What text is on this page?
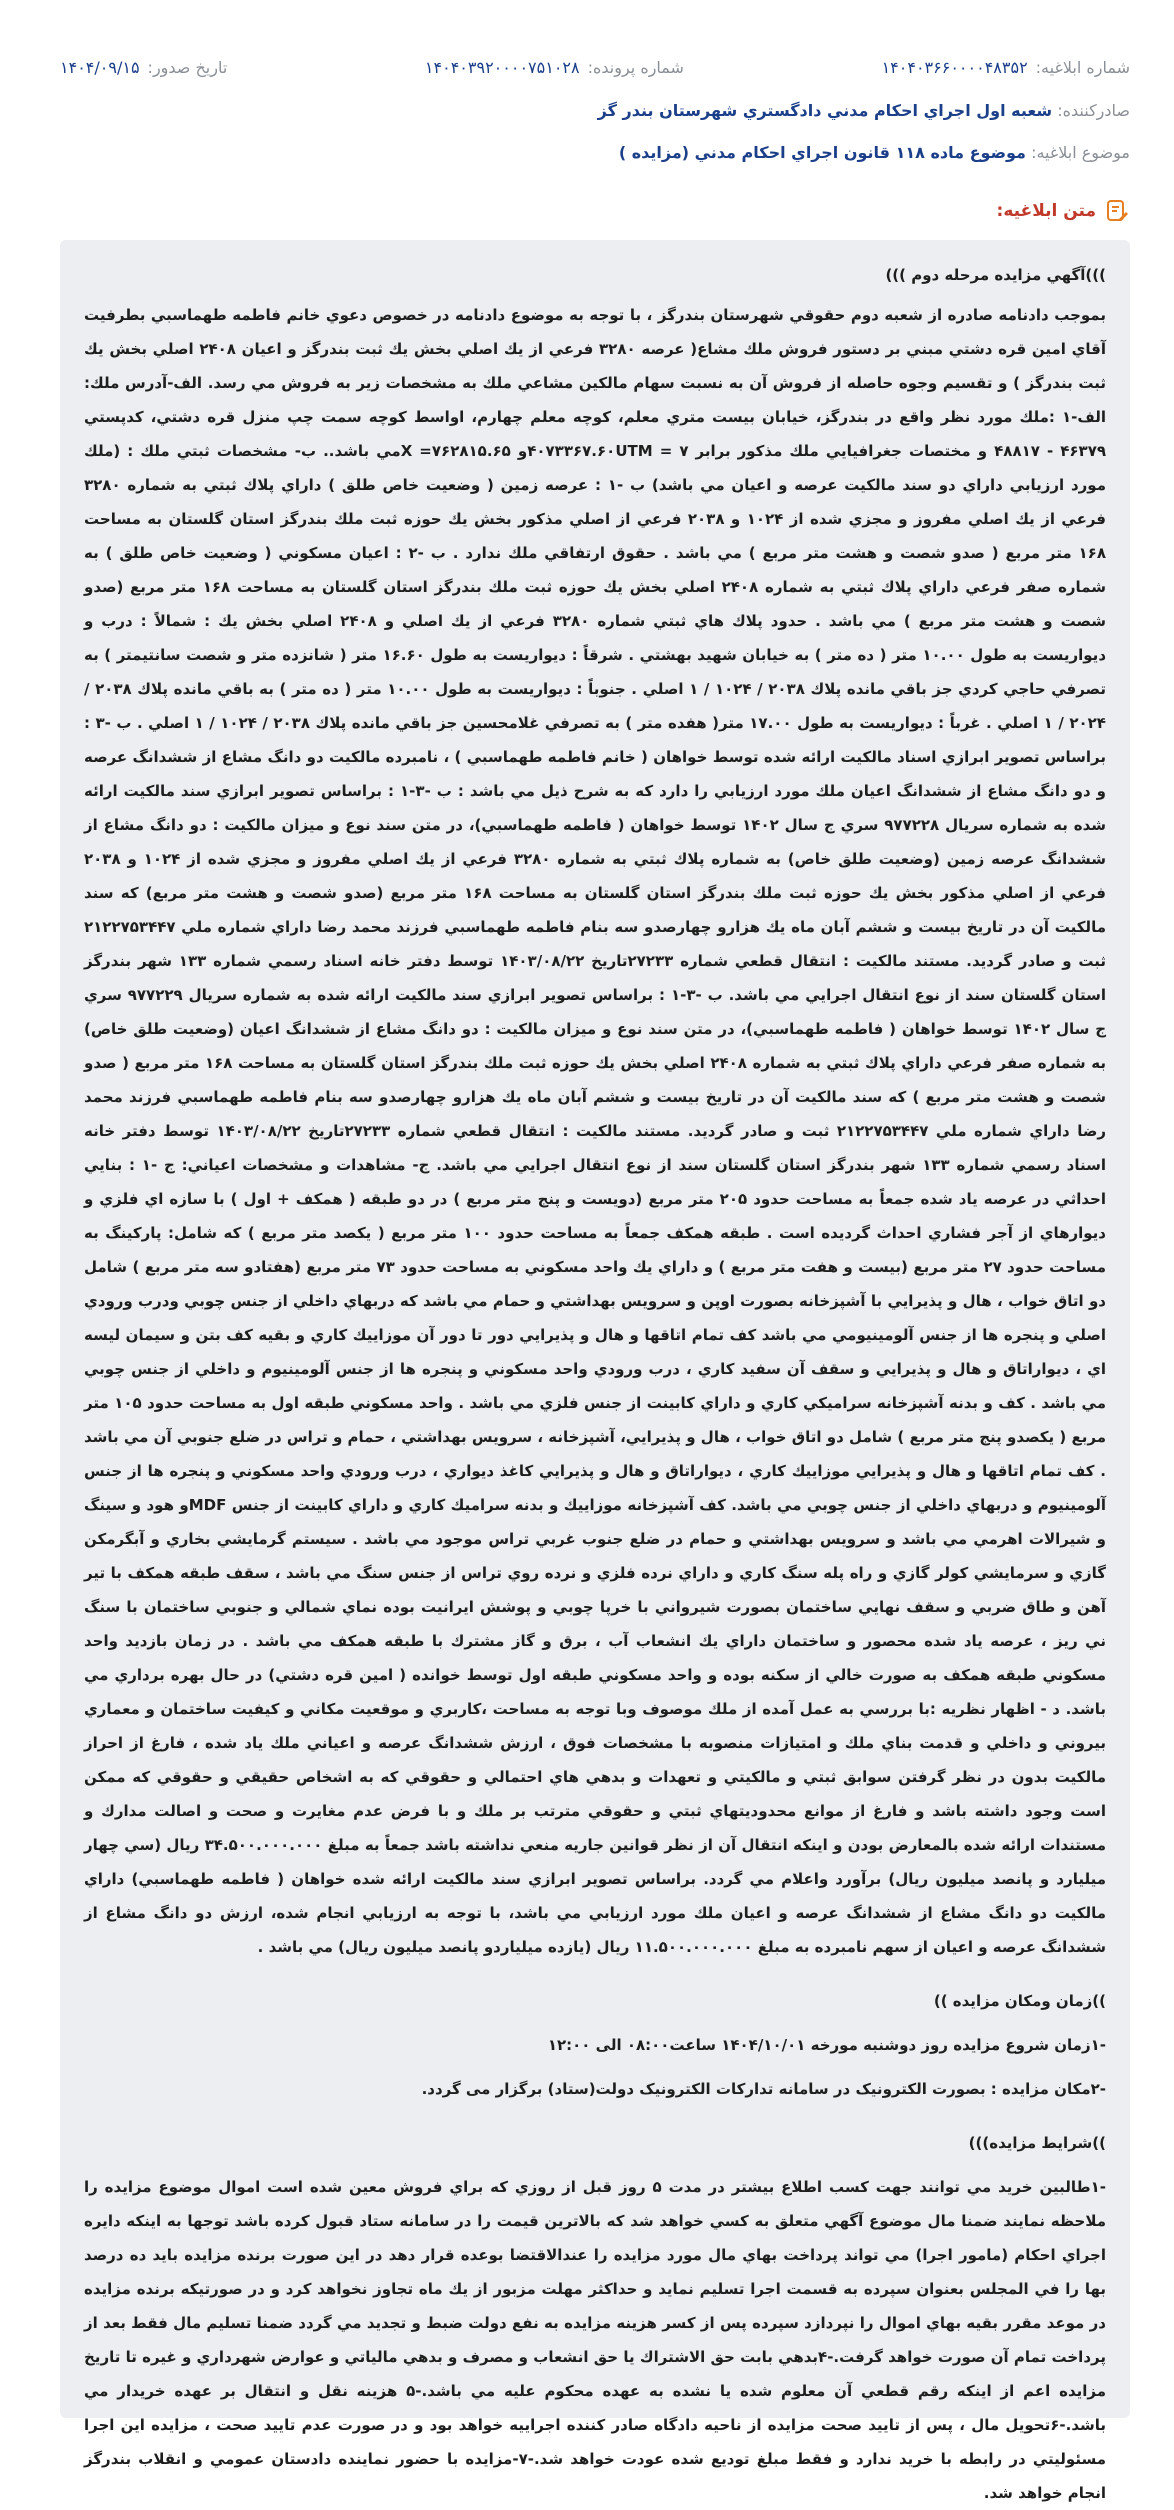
شماره ابلاغيه:
۱۴۰۴۰۳۶۶۰۰۰۰۴۸۳۵۲
شماره پرونده:
۱۴۰۴۰۳۹۲۰۰۰۰۷۵۱۰۲۸
تاريخ صدور:
۱۴۰۴/۰۹/۱۵
صادرکننده: شعبه اول اجراي احکام مدني دادگستري شهرستان بندر گز
موضوع ابلاغيه: موضوع ماده ۱۱۸ قانون اجراي احکام مدني (مزايده )
متن ابلاغيه:

)))آگهي مزايده مرحله دوم )))

بموجب دادنامه صادره از شعبه دوم حقوقي شهرستان بندرگز ، با توجه به موضوع دادنامه در خصوص دعوي خانم فاطمه طهماسبي بطرفيت آقاي امين قره دشتي مبني بر دستور فروش ملك مشاع( عرصه ۳۲۸۰ فرعي از يك اصلي بخش يك ثبت بندرگز و اعيان ۲۴۰۸ اصلي بخش يك ثبت بندرگز ) و تقسيم وجوه حاصله از فروش آن به نسبت سهام مالكين مشاعي ملك به مشخصات زير به فروش مي رسد. الف-آدرس ملك: الف-۱ :ملك مورد نظر واقع در بندرگز، خيابان بيست متري معلم، كوچه معلم چهارم، اواسط كوچه سمت چپ منزل قره دشتي، كدپستي ۴۶۳۷۹ - ۴۸۸۱۷ و مختصات جغرافيايي ملك مذكور برابر ۷ = ۴۰۷۳۳۶۷.۶۰UTMو ۷۶۲۸۱۵.۶۵= Xمي باشد.. ب- مشخصات ثبتي ملك : (ملك مورد ارزيابي داراي دو سند مالكيت عرصه و اعيان مي باشد) ب -۱ : عرصه زمين ( وضعيت خاص طلق ) داراي پلاك ثبتي به شماره ۳۲۸۰ فرعي از يك اصلي مفروز و مجزي شده از ۱۰۲۴ و ۲۰۳۸ فرعي از اصلي مذكور بخش يك حوزه ثبت ملك بندرگز استان گلستان به مساحت ۱۶۸ متر مربع ( صدو شصت و هشت متر مربع ) مي باشد . حقوق ارتفاقي ملك ندارد . ب -۲ : اعيان مسكوني ( وضعيت خاص طلق ) به شماره صفر فرعي داراي پلاك ثبتي به شماره ۲۴۰۸ اصلي بخش يك حوزه ثبت ملك بندرگز استان گلستان به مساحت ۱۶۸ متر مربع (صدو شصت و هشت متر مربع ) مي باشد . حدود پلاك هاي ثبتي شماره ۳۲۸۰ فرعي از يك اصلي و ۲۴۰۸ اصلي بخش يك : شمالاً : درب و ديواريست به طول ۱۰.۰۰ متر ( ده متر ) به خيابان شهيد بهشتي . شرقاً : ديواريست به طول ۱۶.۶۰ متر ( شانزده متر و شصت سانتيمتر ) به تصرفي حاجي كردي جز باقي مانده پلاك ۲۰۳۸ / ۱۰۲۴ / ۱ اصلي . جنوباً : ديواريست به طول ۱۰.۰۰ متر ( ده متر ) به باقي مانده پلاك ۲۰۳۸ / ۲۰۲۴ / ۱ اصلي . غرباً : ديواريست به طول ۱۷.۰۰ متر( هفده متر ) به تصرفي غلامحسين جز باقي مانده پلاك ۲۰۳۸ / ۱۰۲۴ / ۱ اصلي . ب -۳ : براساس تصوير ابرازي اسناد مالكيت ارائه شده توسط خواهان ( خانم فاطمه طهماسبي ) ، نامبرده مالكيت دو دانگ مشاع از ششدانگ عرصه و دو دانگ مشاع از ششدانگ اعيان ملك مورد ارزيابي را دارد كه به شرح ذيل مي باشد : ب -۳-۱ : براساس تصوير ابرازي سند مالكيت ارائه شده به شماره سريال ۹۷۷۲۲۸ سري ج سال ۱۴۰۲ توسط خواهان ( فاطمه طهماسبي)، در متن سند نوع و ميزان مالكيت : دو دانگ مشاع از ششدانگ عرصه زمين (وضعيت طلق خاص) به شماره پلاك ثبتي به شماره ۳۲۸۰ فرعي از يك اصلي مفروز و مجزي شده از ۱۰۲۴ و ۲۰۳۸ فرعي از اصلي مذكور بخش يك حوزه ثبت ملك بندرگز استان گلستان به مساحت ۱۶۸ متر مربع (صدو شصت و هشت متر مربع) كه سند مالكيت آن در تاريخ بيست و ششم آبان ماه يك هزارو چهارصدو سه بنام فاطمه طهماسبي فرزند محمد رضا داراي شماره ملي ۲۱۲۲۷۵۳۴۴۷ ثبت و صادر گرديد. مستند مالكيت : انتقال قطعي شماره ۲۷۲۳۳تاريخ ۱۴۰۳/۰۸/۲۲ توسط دفتر خانه اسناد رسمي شماره ۱۳۳ شهر بندرگز استان گلستان سند از نوع انتقال اجرايي مي باشد. ب -۳-۱ : براساس تصوير ابرازي سند مالكيت ارائه شده به شماره سريال ۹۷۷۲۲۹ سري ج سال ۱۴۰۲ توسط خواهان ( فاطمه طهماسبي)، در متن سند نوع و ميزان مالكيت : دو دانگ مشاع از ششدانگ اعيان (وضعيت طلق خاص) به شماره صفر فرعي داراي پلاك ثبتي به شماره ۲۴۰۸ اصلي بخش يك حوزه ثبت ملك بندرگز استان گلستان به مساحت ۱۶۸ متر مربع ( صدو شصت و هشت متر مربع ) كه سند مالكيت آن در تاريخ بيست و ششم آبان ماه يك هزارو چهارصدو سه بنام فاطمه طهماسبي فرزند محمد رضا داراي شماره ملي ۲۱۲۲۷۵۳۴۴۷ ثبت و صادر گرديد. مستند مالكيت : انتقال قطعي شماره ۲۷۲۳۳تاريخ ۱۴۰۳/۰۸/۲۲ توسط دفتر خانه اسناد رسمي شماره ۱۳۳ شهر بندرگز استان گلستان سند از نوع انتقال اجرايي مي باشد. ج- مشاهدات و مشخصات اعياني: ج -۱ : بنايي احداثي در عرصه ياد شده جمعاً به مساحت حدود ۲۰۵ متر مربع (دويست و پنج متر مربع ) در دو طبقه ( همكف + اول ) با سازه اي فلزي و ديوارهاي از آجر فشاري احداث گرديده است . طبقه همكف جمعاً به مساحت حدود ۱۰۰ متر مربع ( يكصد متر مربع ) كه شامل: پاركينگ به مساحت حدود ۲۷ متر مربع (بيست و هفت متر مربع ) و داراي يك واحد مسكوني به مساحت حدود ۷۳ متر مربع (هفتادو سه متر مربع ) شامل دو اتاق خواب ، هال و پذيرايي با آشپزخانه بصورت اوپن و سرويس بهداشتي و حمام مي باشد كه دربهاي داخلي از جنس چوبي ودرب ورودي اصلي و پنجره ها از جنس آلومينيومي مي باشد كف تمام اتاقها و هال و پذيرايي دور تا دور آن موزاييك كاري و بقيه كف بتن و سيمان ليسه اي ، ديواراتاق و هال و پذيرايي و سقف آن سفيد كاري ، درب ورودي واحد مسكوني و پنجره ها از جنس آلومينيوم و داخلي از جنس چوبي مي باشد . كف و بدنه آشپزخانه سراميكي كاري و داراي كابينت از جنس فلزي مي باشد . واحد مسكوني طبقه اول به مساحت حدود ۱۰۵ متر مربع ( يكصدو پنج متر مربع ) شامل دو اتاق خواب ، هال و پذيرايي، آشپزخانه ، سرويس بهداشتي ، حمام و تراس در ضلع جنوبي آن مي باشد . كف تمام اتاقها و هال و پذيرايي موزاييك كاري ، ديواراتاق و هال و پذيرايي كاغذ ديواري ، درب ورودي واحد مسكوني و پنجره ها از جنس آلومينيوم و دربهاي داخلي از جنس چوبي مي باشد. كف آشپزخانه موزاييك و بدنه سراميك كاري و داراي كابينت از جنس MDFو هود و سينگ و شيرالات اهرمي مي باشد و سرويس بهداشتي و حمام در ضلع جنوب غربي تراس موجود مي باشد . سيستم گرمايشي بخاري و آبگرمكن گازي و سرمايشي كولر گازي و راه پله سنگ كاري و داراي نرده فلزي و نرده روي تراس از جنس سنگ مي باشد ، سقف طبقه همكف با تير آهن و طاق ضربي و سقف نهايي ساختمان بصورت شيرواني با خرپا چوبي و پوشش ايرانيت بوده نماي شمالي و جنوبي ساختمان با سنگ ني ريز ، عرصه ياد شده محصور و ساختمان داراي يك انشعاب آب ، برق و گاز مشترك با طبقه همكف مي باشد . در زمان بازديد واحد مسكوني طبقه همكف به صورت خالي از سكنه بوده و واحد مسكوني طبقه اول توسط خوانده ( امين قره دشتي) در حال بهره برداري مي باشد. د - اظهار نظريه :با بررسي به عمل آمده از ملك موصوف وبا توجه به مساحت ،كاربري و موقعيت مكاني و كيفيت ساختمان و معماري بيروني و داخلي و قدمت بناي ملك و امتيازات منصوبه با مشخصات فوق ، ارزش ششدانگ عرصه و اعياني ملك ياد شده ، فارغ از احراز مالكيت بدون در نظر گرفتن سوابق ثبتي و مالكيتي و تعهدات و بدهي هاي احتمالي و حقوقي كه به اشخاص حقيقي و حقوقي كه ممكن است وجود داشته باشد و فارغ از موانع محدوديتهاي ثبتي و حقوقي مترتب بر ملك و با فرض عدم مغايرت و صحت و اصالت مدارك و مستندات ارائه شده بالمعارض بودن و اينكه انتقال آن از نظر قوانين جاريه منعي نداشته باشد جمعاً به مبلغ ۳۴.۵۰۰.۰۰۰.۰۰۰ ريال (سي چهار ميليارد و پانصد ميليون ريال) برآورد واعلام مي گردد. براساس تصوير ابرازي سند مالكيت ارائه شده خواهان ( فاطمه طهماسبي) داراي مالكيت دو دانگ مشاع از ششدانگ عرصه و اعيان ملك مورد ارزيابي مي باشد، با توجه به ارزيابي انجام شده، ارزش دو دانگ مشاع از ششدانگ عرصه و اعيان از سهم نامبرده به مبلغ ۱۱.۵۰۰.۰۰۰.۰۰۰ ريال (يازده ميلياردو پانصد ميليون ريال) مي باشد .

))زمان ومکان مزايده ))

-۱زمان شروع مزايده روز دوشنبه مورخه ۱۴۰۴/۱۰/۰۱ ساعت۰۸:۰۰ الی ۱۲:۰۰

-۲مکان مزايده : بصورت الکترونيک در سامانه تدارکات الکترونيک دولت(ستاد) برگزار می گردد.

))شرايط مزايده)))

-۱طالبين خريد مي توانند جهت كسب اطلاع بيشتر در مدت ۵ روز قبل از روزي كه براي فروش معين شده است اموال موضوع مزايده را ملاحظه نمايند ضمنا مال موضوع آگهي متعلق به كسي خواهد شد كه بالاترين قيمت را در سامانه ستاد قبول كرده باشد توجها به اينكه دايره اجراي احكام (مامور اجرا) مي تواند پرداخت بهاي مال مورد مزايده را عندالاقتضا بوعده قرار دهد در اين صورت برنده مزايده بايد ده درصد بها را في المجلس بعنوان سپرده به قسمت اجرا تسليم نمايد و حداكثر مهلت مزبور از يك ماه تجاوز نخواهد كرد و در صورتيكه برنده مزايده در موعد مقرر بقيه بهاي اموال را نپردازد سپرده پس از كسر هزينه مزايده به نفع دولت ضبط و تجديد مي گردد ضمنا تسليم مال فقط بعد از پرداخت تمام آن صورت خواهد گرفت.-۴بدهي بابت حق الاشتراك يا حق انشعاب و مصرف و بدهي مالياتي و عوارض شهرداري و غيره تا تاريخ مزايده اعم از اينكه رقم قطعي آن معلوم شده يا نشده به عهده محكوم عليه مي باشد.-۵ هزينه نقل و انتقال بر عهده خريدار مي باشد.-۶تحويل مال ، پس از تاييد صحت مزايده از ناحيه دادگاه صادر كننده اجراييه خواهد بود و در صورت عدم تاييد صحت ، مزايده اين اجرا مسئوليتي در رابطه با خريد ندارد و فقط مبلغ توديع شده عودت خواهد شد.-۷-مزايده با حضور نماينده دادستان عمومي و انقلاب بندرگز انجام خواهد شد.
